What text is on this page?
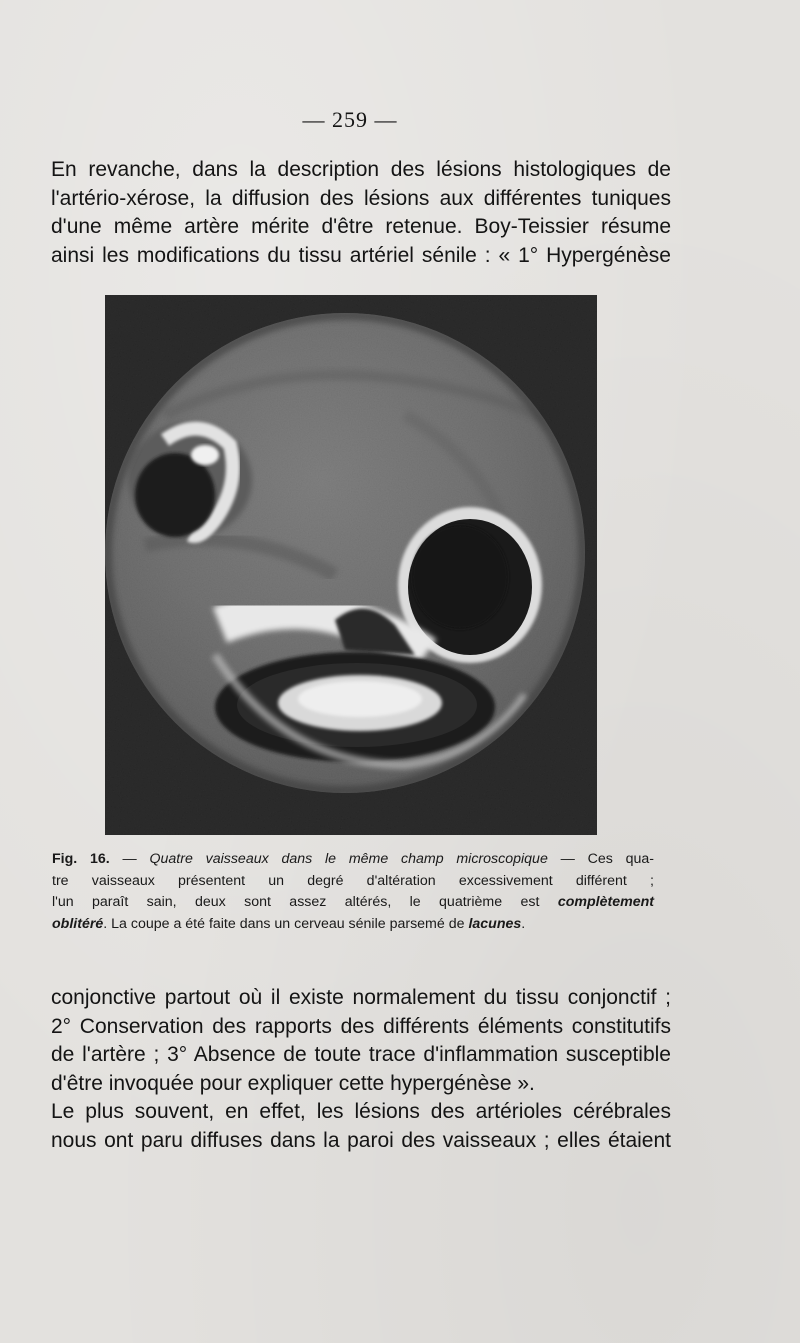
— 259 —

En revanche, dans la description des lésions histologiques de
l'artério-xérose, la diffusion des lésions aux différentes tuniques
d'une même artère mérite d'être retenue. Boy-Teissier résume
ainsi les modifications du tissu artériel sénile : « 1° Hypergénèse

Fig. 16. — Quatre vaisseaux dans le même champ microscopique — Ces qua-
tre vaisseaux présentent un degré d'altération excessivement différent ;
l'un paraît sain, deux sont assez altérés, le quatrième est complètement
oblitéré. La coupe a été faite dans un cerveau sénile parsemé de lacunes.

conjonctive partout où il existe normalement du tissu conjonctif ;
2° Conservation des rapports des différents éléments constitutifs
de l'artère ; 3° Absence de toute trace d'inflammation susceptible
d'être invoquée pour expliquer cette hypergénèse ».
Le plus souvent, en effet, les lésions des artérioles cérébrales
nous ont paru diffuses dans la paroi des vaisseaux ; elles étaient
